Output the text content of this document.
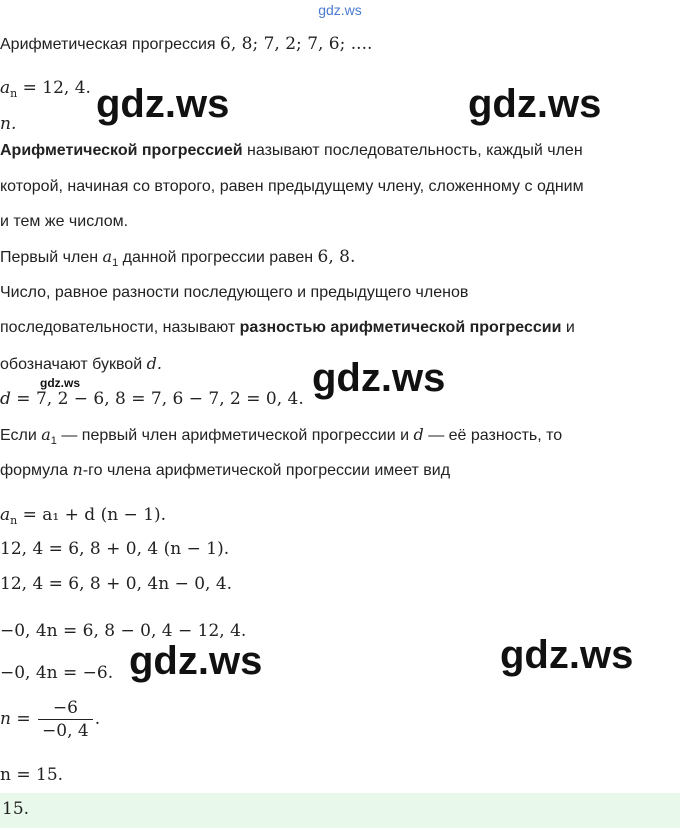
gdz.ws
Арифметическая прогрессия 6, 8; 7, 2; 7, 6; ....
$a_n = 12$, 4.
n.
Арифметической прогрессией называют последовательность, каждый член
которой, начиная со второго, равен предыдущему члену, сложенному с одним
и тем же числом.
Первый член $a_1$ данной прогрессии равен 6, 8.
Число, равное разности последующего и предыдущего членов
последовательности, называют разностью арифметической прогрессии и
обозначают буквой d.
d = 7, 2 − 6, 8 = 7, 6 − 7, 2 = 0, 4.
Если $a_1$ — первый член арифметической прогрессии и d — её разность, то
формула n-го члена арифметической прогрессии имеет вид
$a_n = a_1 + d$ (n − 1).
12, 4 = 6, 8 + 0, 4 (n − 1).
12, 4 = 6, 8 + 0, 4n − 0, 4.
−0, 4n = 6, 8 − 0, 4 − 12, 4.
−0, 4n = −6.
$n = \frac{-6}{-0, 4}$ .
n = 15.
15.
gdz.ws	gdz.ws
gdz.ws
gdz.ws
gdz.ws	gdz.ws
